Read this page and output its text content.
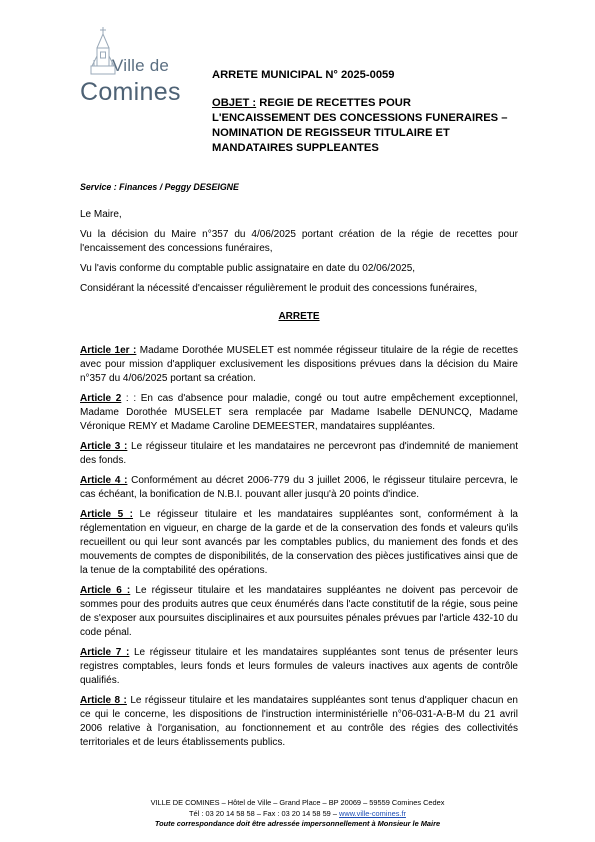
Ville de
Comines
ARRETE MUNICIPAL N° 2025-0059
OBJET : REGIE DE RECETTES POUR L'ENCAISSEMENT DES CONCESSIONS FUNERAIRES – NOMINATION DE REGISSEUR TITULAIRE ET MANDATAIRES SUPPLEANTES
Service : Finances / Peggy DESEIGNE

Le Maire,

Vu la décision du Maire n°357 du 4/06/2025 portant création de la régie de recettes pour l'encaissement des concessions funéraires,

Vu l'avis conforme du comptable public assignataire en date du 02/06/2025,

Considérant la nécessité d'encaisser régulièrement le produit des concessions funéraires,

ARRETE

Article 1er : Madame Dorothée MUSELET est nommée régisseur titulaire de la régie de recettes avec pour mission d'appliquer exclusivement les dispositions prévues dans la décision du Maire n°357 du 4/06/2025 portant sa création.

Article 2 : : En cas d'absence pour maladie, congé ou tout autre empêchement exceptionnel, Madame Dorothée MUSELET sera remplacée par Madame Isabelle DENUNCQ, Madame Véronique REMY et Madame Caroline DEMEESTER, mandataires suppléantes.

Article 3 : Le régisseur titulaire et les mandataires ne percevront pas d'indemnité de maniement des fonds.

Article 4 : Conformément au décret 2006-779 du 3 juillet 2006, le régisseur titulaire percevra, le cas échéant, la bonification de N.B.I. pouvant aller jusqu'à 20 points d'indice.

Article 5 : Le régisseur titulaire et les mandataires suppléantes sont, conformément à la réglementation en vigueur, en charge de la garde et de la conservation des fonds et valeurs qu'ils recueillent ou qui leur sont avancés par les comptables publics, du maniement des fonds et des mouvements de comptes de disponibilités, de la conservation des pièces justificatives ainsi que de la tenue de la comptabilité des opérations.

Article 6 : Le régisseur titulaire et les mandataires suppléantes ne doivent pas percevoir de sommes pour des produits autres que ceux énumérés dans l'acte constitutif de la régie, sous peine de s'exposer aux poursuites disciplinaires et aux poursuites pénales prévues par l'article 432-10 du code pénal.

Article 7 : Le régisseur titulaire et les mandataires suppléantes sont tenus de présenter leurs registres comptables, leurs fonds et leurs formules de valeurs inactives aux agents de contrôle qualifiés.

Article 8 : Le régisseur titulaire et les mandataires suppléantes sont tenus d'appliquer chacun en ce qui le concerne, les dispositions de l'instruction interministérielle n°06-031-A-B-M du 21 avril 2006 relative à l'organisation, au fonctionnement et au contrôle des régies des collectivités territoriales et de leurs établissements publics.

VILLE DE COMINES – Hôtel de Ville – Grand Place – BP 20069 – 59559 Comines Cedex
Tél : 03 20 14 58 58 – Fax : 03 20 14 58 59 – www.ville-comines.fr
Toute correspondance doit être adressée impersonnellement à Monsieur le Maire
